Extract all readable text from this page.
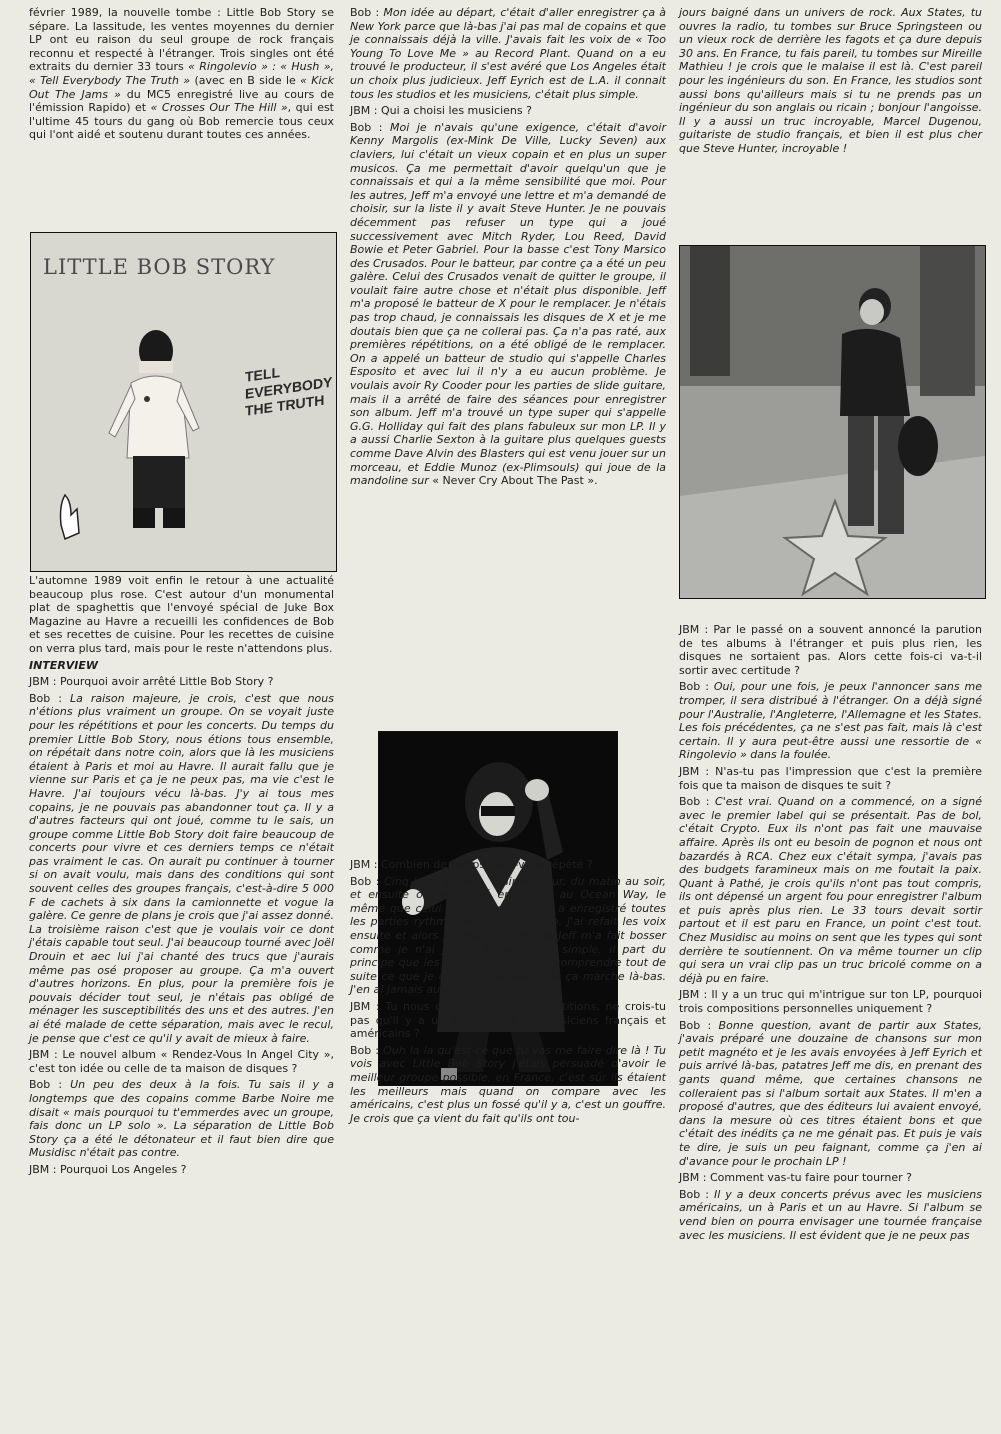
février 1989, la nouvelle tombe : Little Bob Story se sépare. La lassitude, les ventes moyennes du dernier LP ont eu raison du seul groupe de rock français reconnu et respecté à l'étranger. Trois singles ont été extraits du dernier 33 tours « Ringolevio » : « Hush », « Tell Everybody The Truth » (avec en B side le « Kick Out The Jams » du MC5 enregistré live au cours de l'émission Rapido) et « Crosses Our The Hill », qui est l'ultime 45 tours du gang où Bob remercie tous ceux qui l'ont aidé et soutenu durant toutes ces années.

LITTLE BOB STORY
TELL EVERYBODY THE TRUTH

L'automne 1989 voit enfin le retour à une actualité beaucoup plus rose. C'est autour d'un monumental plat de spaghettis que l'envoyé spécial de Juke Box Magazine au Havre a recueilli les confidences de Bob et ses recettes de cuisine. Pour les recettes de cuisine on verra plus tard, mais pour le reste n'attendons plus.

INTERVIEW

JBM : Pourquoi avoir arrêté Little Bob Story ?

Bob : La raison majeure, je crois, c'est que nous n'étions plus vraiment un groupe. On se voyait juste pour les répétitions et pour les concerts. Du temps du premier Little Bob Story, nous étions tous ensemble, on répétait dans notre coin, alors que là les musiciens étaient à Paris et moi au Havre. Il aurait fallu que je vienne sur Paris et ça je ne peux pas, ma vie c'est le Havre. J'ai toujours vécu là-bas. J'y ai tous mes copains, je ne pouvais pas abandonner tout ça. Il y a d'autres facteurs qui ont joué, comme tu le sais, un groupe comme Little Bob Story doit faire beaucoup de concerts pour vivre et ces derniers temps ce n'était pas vraiment le cas. On aurait pu continuer à tourner si on avait voulu, mais dans des conditions qui sont souvent celles des groupes français, c'est-à-dire 5 000 F de cachets à six dans la camionnette et vogue la galère. Ce genre de plans je crois que j'ai assez donné. La troisième raison c'est que je voulais voir ce dont j'étais capable tout seul. J'ai beaucoup tourné avec Joël Drouin et aec lui j'ai chanté des trucs que j'aurais même pas osé proposer au groupe. Ça m'a ouvert d'autres horizons. En plus, pour la première fois je pouvais décider tout seul, je n'étais pas obligé de ménager les susceptibilités des uns et des autres. J'en ai été malade de cette séparation, mais avec le recul, je pense que c'est ce qu'il y avait de mieux à faire.

JBM : Le nouvel album « Rendez-Vous In Angel City », c'est ton idée ou celle de ta maison de disques ?

Bob : Un peu des deux à la fois. Tu sais il y a longtemps que des copains comme Barbe Noire me disait « mais pourquoi tu t'emmerdes avec un groupe, fais donc un LP solo ». La séparation de Little Bob Story ça a été le détonateur et il faut bien dire que Musidisc n'était pas contre.

JBM : Pourquoi Los Angeles ?

Bob : Mon idée au départ, c'était d'aller enregistrer ça à New York parce que là-bas j'ai pas mal de copains et que je connaissais déjà la ville. J'avais fait les voix de « Too Young To Love Me » au Record Plant. Quand on a eu trouvé le producteur, il s'est avéré que Los Angeles était un choix plus judicieux. Jeff Eyrich est de L.A. il connait tous les studios et les musiciens, c'était plus simple.

JBM : Qui a choisi les musiciens ?

Bob : Moi je n'avais qu'une exigence, c'était d'avoir Kenny Margolis (ex-Mink De Ville, Lucky Seven) aux claviers, lui c'était un vieux copain et en plus un super musicos. Ça me permettait d'avoir quelqu'un que je connaissais et qui a la même sensibilité que moi. Pour les autres, Jeff m'a envoyé une lettre et m'a demandé de choisir, sur la liste il y avait Steve Hunter. Je ne pouvais décemment pas refuser un type qui a joué successivement avec Mitch Ryder, Lou Reed, David Bowie et Peter Gabriel. Pour la basse c'est Tony Marsico des Crusados. Pour le batteur, par contre ça a été un peu galère. Celui des Crusados venait de quitter le groupe, il voulait faire autre chose et n'était plus disponible. Jeff m'a proposé le batteur de X pour le remplacer. Je n'étais pas trop chaud, je connaissais les disques de X et je me doutais bien que ça ne collerai pas. Ça n'a pas raté, aux premières répétitions, on a été obligé de le remplacer. On a appelé un batteur de studio qui s'appelle Charles Esposito et avec lui il n'y a eu aucun problème. Je voulais avoir Ry Cooder pour les parties de slide guitare, mais il a arrêté de faire des séances pour enregistrer son album. Jeff m'a trouvé un type super qui s'appelle G.G. Holliday qui fait des plans fabuleux sur mon LP. Il y a aussi Charlie Sexton à la guitare plus quelques guests comme Dave Alvin des Blasters qui est venu jouer sur un morceau, et Eddie Munoz (ex-Plimsouls) qui joue de la mandoline sur « Never Cry About The Past ».

JBM : Combien de temps avez-vous répété ?

Bob : Cinq jours entiers, vraiment dur, du matin au soir, et ensuite on est entré en studio au Ocean Way, le même que celui des Stray Cats. On a enregistré toutes les parties rythmiques live en studio. J'ai refait les voix ensuite et alors je peux te dire que Jeff m'a fait bosser comme je n'ai jamais bossé. C'est simple, il part du principe que les Américains doivent comprendre tout de suite ce que je chante si je veux que ça marche là-bas. J'en ai jamais autant chié.

JBM : Tu nous dis cinq jours de répétitions, ne crois-tu pas qu'il y a un fossé entre les musiciens français et américains ?

Bob : Ouh la la qu'est-ce que tu vas me faire dire là ! Tu vois avec Little Bob Story j'étais persuadé d'avoir le meilleur groupe possible, en France, c'est sûr ils étaient les meilleurs mais quand on compare avec les américains, c'est plus un fossé qu'il y a, c'est un gouffre. Je crois que ça vient du fait qu'ils ont tou-

jours baigné dans un univers de rock. Aux States, tu ouvres la radio, tu tombes sur Bruce Springsteen ou un vieux rock de derrière les fagots et ça dure depuis 30 ans. En France, tu fais pareil, tu tombes sur Mireille Mathieu ! je crois que le malaise il est là. C'est pareil pour les ingénieurs du son. En France, les studios sont aussi bons qu'ailleurs mais si tu ne prends pas un ingénieur du son anglais ou ricain ; bonjour l'angoisse. Il y a aussi un truc incroyable, Marcel Dugenou, guitariste de studio français, et bien il est plus cher que Steve Hunter, incroyable !

JBM : Par le passé on a souvent annoncé la parution de tes albums à l'étranger et puis plus rien, les disques ne sortaient pas. Alors cette fois-ci va-t-il sortir avec certitude ?

Bob : Oui, pour une fois, je peux l'annoncer sans me tromper, il sera distribué à l'étranger. On a déjà signé pour l'Australie, l'Angleterre, l'Allemagne et les States. Les fois précédentes, ça ne s'est pas fait, mais là c'est certain. Il y aura peut-être aussi une ressortie de « Ringolevio » dans la foulée.

JBM : N'as-tu pas l'impression que c'est la première fois que ta maison de disques te suit ?

Bob : C'est vrai. Quand on a commencé, on a signé avec le premier label qui se présentait. Pas de bol, c'était Crypto. Eux ils n'ont pas fait une mauvaise affaire. Après ils ont eu besoin de pognon et nous ont bazardés à RCA. Chez eux c'était sympa, j'avais pas des budgets faramineux mais on me foutait la paix. Quant à Pathé, je crois qu'ils n'ont pas tout compris, ils ont dépensé un argent fou pour enregistrer l'album et puis après plus rien. Le 33 tours devait sortir partout et il est paru en France, un point c'est tout. Chez Musidisc au moins on sent que les types qui sont derrière te soutiennent. On va même tourner un clip qui sera un vrai clip pas un truc bricolé comme on a déjà pu en faire.

JBM : Il y a un truc qui m'intrigue sur ton LP, pourquoi trois compositions personnelles uniquement ?

Bob : Bonne question, avant de partir aux States, j'avais préparé une douzaine de chansons sur mon petit magnéto et je les avais envoyées à Jeff Eyrich et puis arrivé là-bas, patatres Jeff me dis, en prenant des gants quand même, que certaines chansons ne colleraient pas si l'album sortait aux States. Il m'en a proposé d'autres, que des éditeurs lui avaient envoyé, dans la mesure où ces titres étaient bons et que c'était des inédits ça ne me génait pas. Et puis je vais te dire, je suis un peu faignant, comme ça j'en ai d'avance pour le prochain LP !

JBM : Comment vas-tu faire pour tourner ?

Bob : Il y a deux concerts prévus avec les musiciens américains, un à Paris et un au Havre. Si l'album se vend bien on pourra envisager une tournée française avec les musiciens. Il est évident que je ne peux pas
